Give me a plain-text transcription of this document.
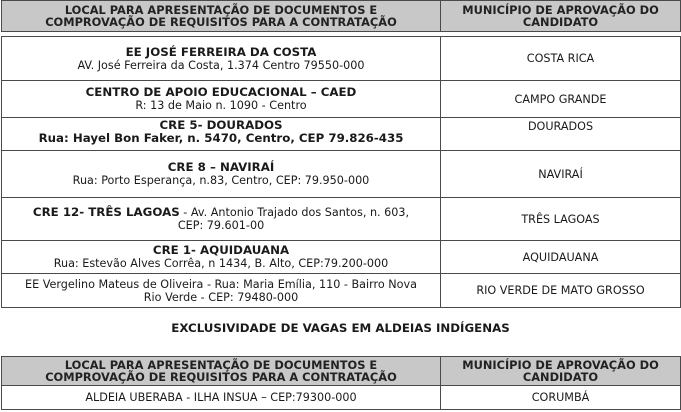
LOCAL PARA APRESENTAÇÃO DE DOCUMENTOS E
COMPROVAÇÃO DE REQUISITOS PARA A CONTRATAÇÃO	MUNICÍPIO DE APROVAÇÃO DO
CANDIDATO

EE JOSÉ FERREIRA DA COSTA
AV. José Ferreira da Costa, 1.374 Centro 79550-000	COSTA RICA
CENTRO DE APOIO EDUCACIONAL – CAED
R: 13 de Maio n. 1090 - Centro	CAMPO GRANDE
CRE 5- DOURADOS
Rua: Hayel Bon Faker, n. 5470, Centro, CEP 79.826-435	DOURADOS
CRE 8 – NAVIRAÍ
Rua: Porto Esperança, n.83, Centro, CEP: 79.950-000	NAVIRAÍ
CRE 12- TRÊS LAGOAS - Av. Antonio Trajado dos Santos, n. 603,
CEP: 79.601-00	TRÊS LAGOAS
CRE 1- AQUIDAUANA
Rua: Estevão Alves Corrêa, n 1434, B. Alto, CEP:79.200-000	AQUIDAUANA
EE Vergelino Mateus de Oliveira - Rua: Maria Emília, 110 - Bairro Nova
Rio Verde - CEP: 79480-000	RIO VERDE DE MATO GROSSO
EXCLUSIVIDADE DE VAGAS EM ALDEIAS INDÍGENAS
LOCAL PARA APRESENTAÇÃO DE DOCUMENTOS E
COMPROVAÇÃO DE REQUISITOS PARA A CONTRATAÇÃO	MUNICÍPIO DE APROVAÇÃO DO
CANDIDATO
ALDEIA UBERABA - ILHA INSUA – CEP:79300-000	CORUMBÁ
